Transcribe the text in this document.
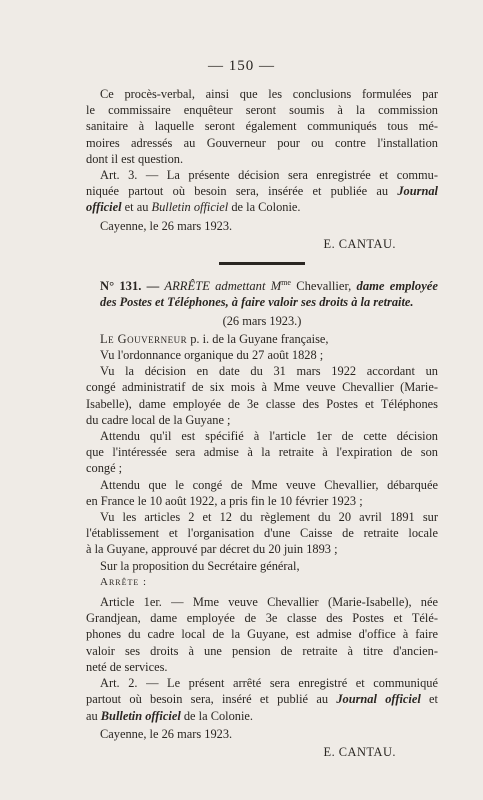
— 150 —

Ce procès-verbal, ainsi que les conclusions formulées par

le commissaire enquêteur seront soumis à la commission

sanitaire à laquelle seront également communiqués tous mé-

moires adressés au Gouverneur pour ou contre l'installation

dont il est question.

Art. 3. — La présente décision sera enregistrée et commu-

niquée partout où besoin sera, insérée et publiée au Journal

officiel et au Bulletin officiel de la Colonie.

Cayenne, le 26 mars 1923.

E. CANTAU.

N° 131. — ARRÊTE admettant $M^{me}$ Chevallier, dame employée

des Postes et Téléphones, à faire valoir ses droits à la retraite.

(26 mars 1923.)

Le Gouverneur p. i. de la Guyane française,

Vu l'ordonnance organique du 27 août 1828 ;

Vu la décision en date du 31 mars 1922 accordant un

congé administratif de six mois à Mme veuve Chevallier (Marie-

Isabelle), dame employée de 3e classe des Postes et Téléphones

du cadre local de la Guyane ;

Attendu qu'il est spécifié à l'article 1er de cette décision

que l'intéressée sera admise à la retraite à l'expiration de son

congé ;

Attendu que le congé de Mme veuve Chevallier, débarquée

en France le 10 août 1922, a pris fin le 10 février 1923 ;

Vu les articles 2 et 12 du règlement du 20 avril 1891 sur

l'établissement et l'organisation d'une Caisse de retraite locale

à la Guyane, approuvé par décret du 20 juin 1893 ;

Sur la proposition du Secrétaire général,

Arrête :

Article 1er. — Mme veuve Chevallier (Marie-Isabelle), née

Grandjean, dame employée de 3e classe des Postes et Télé-

phones du cadre local de la Guyane, est admise d'office à faire

valoir ses droits à une pension de retraite à titre d'ancien-

neté de services.

Art. 2. — Le présent arrêté sera enregistré et communiqué

partout où besoin sera, inséré et publié au Journal officiel et

au Bulletin officiel de la Colonie.

Cayenne, le 26 mars 1923.

E. CANTAU.
